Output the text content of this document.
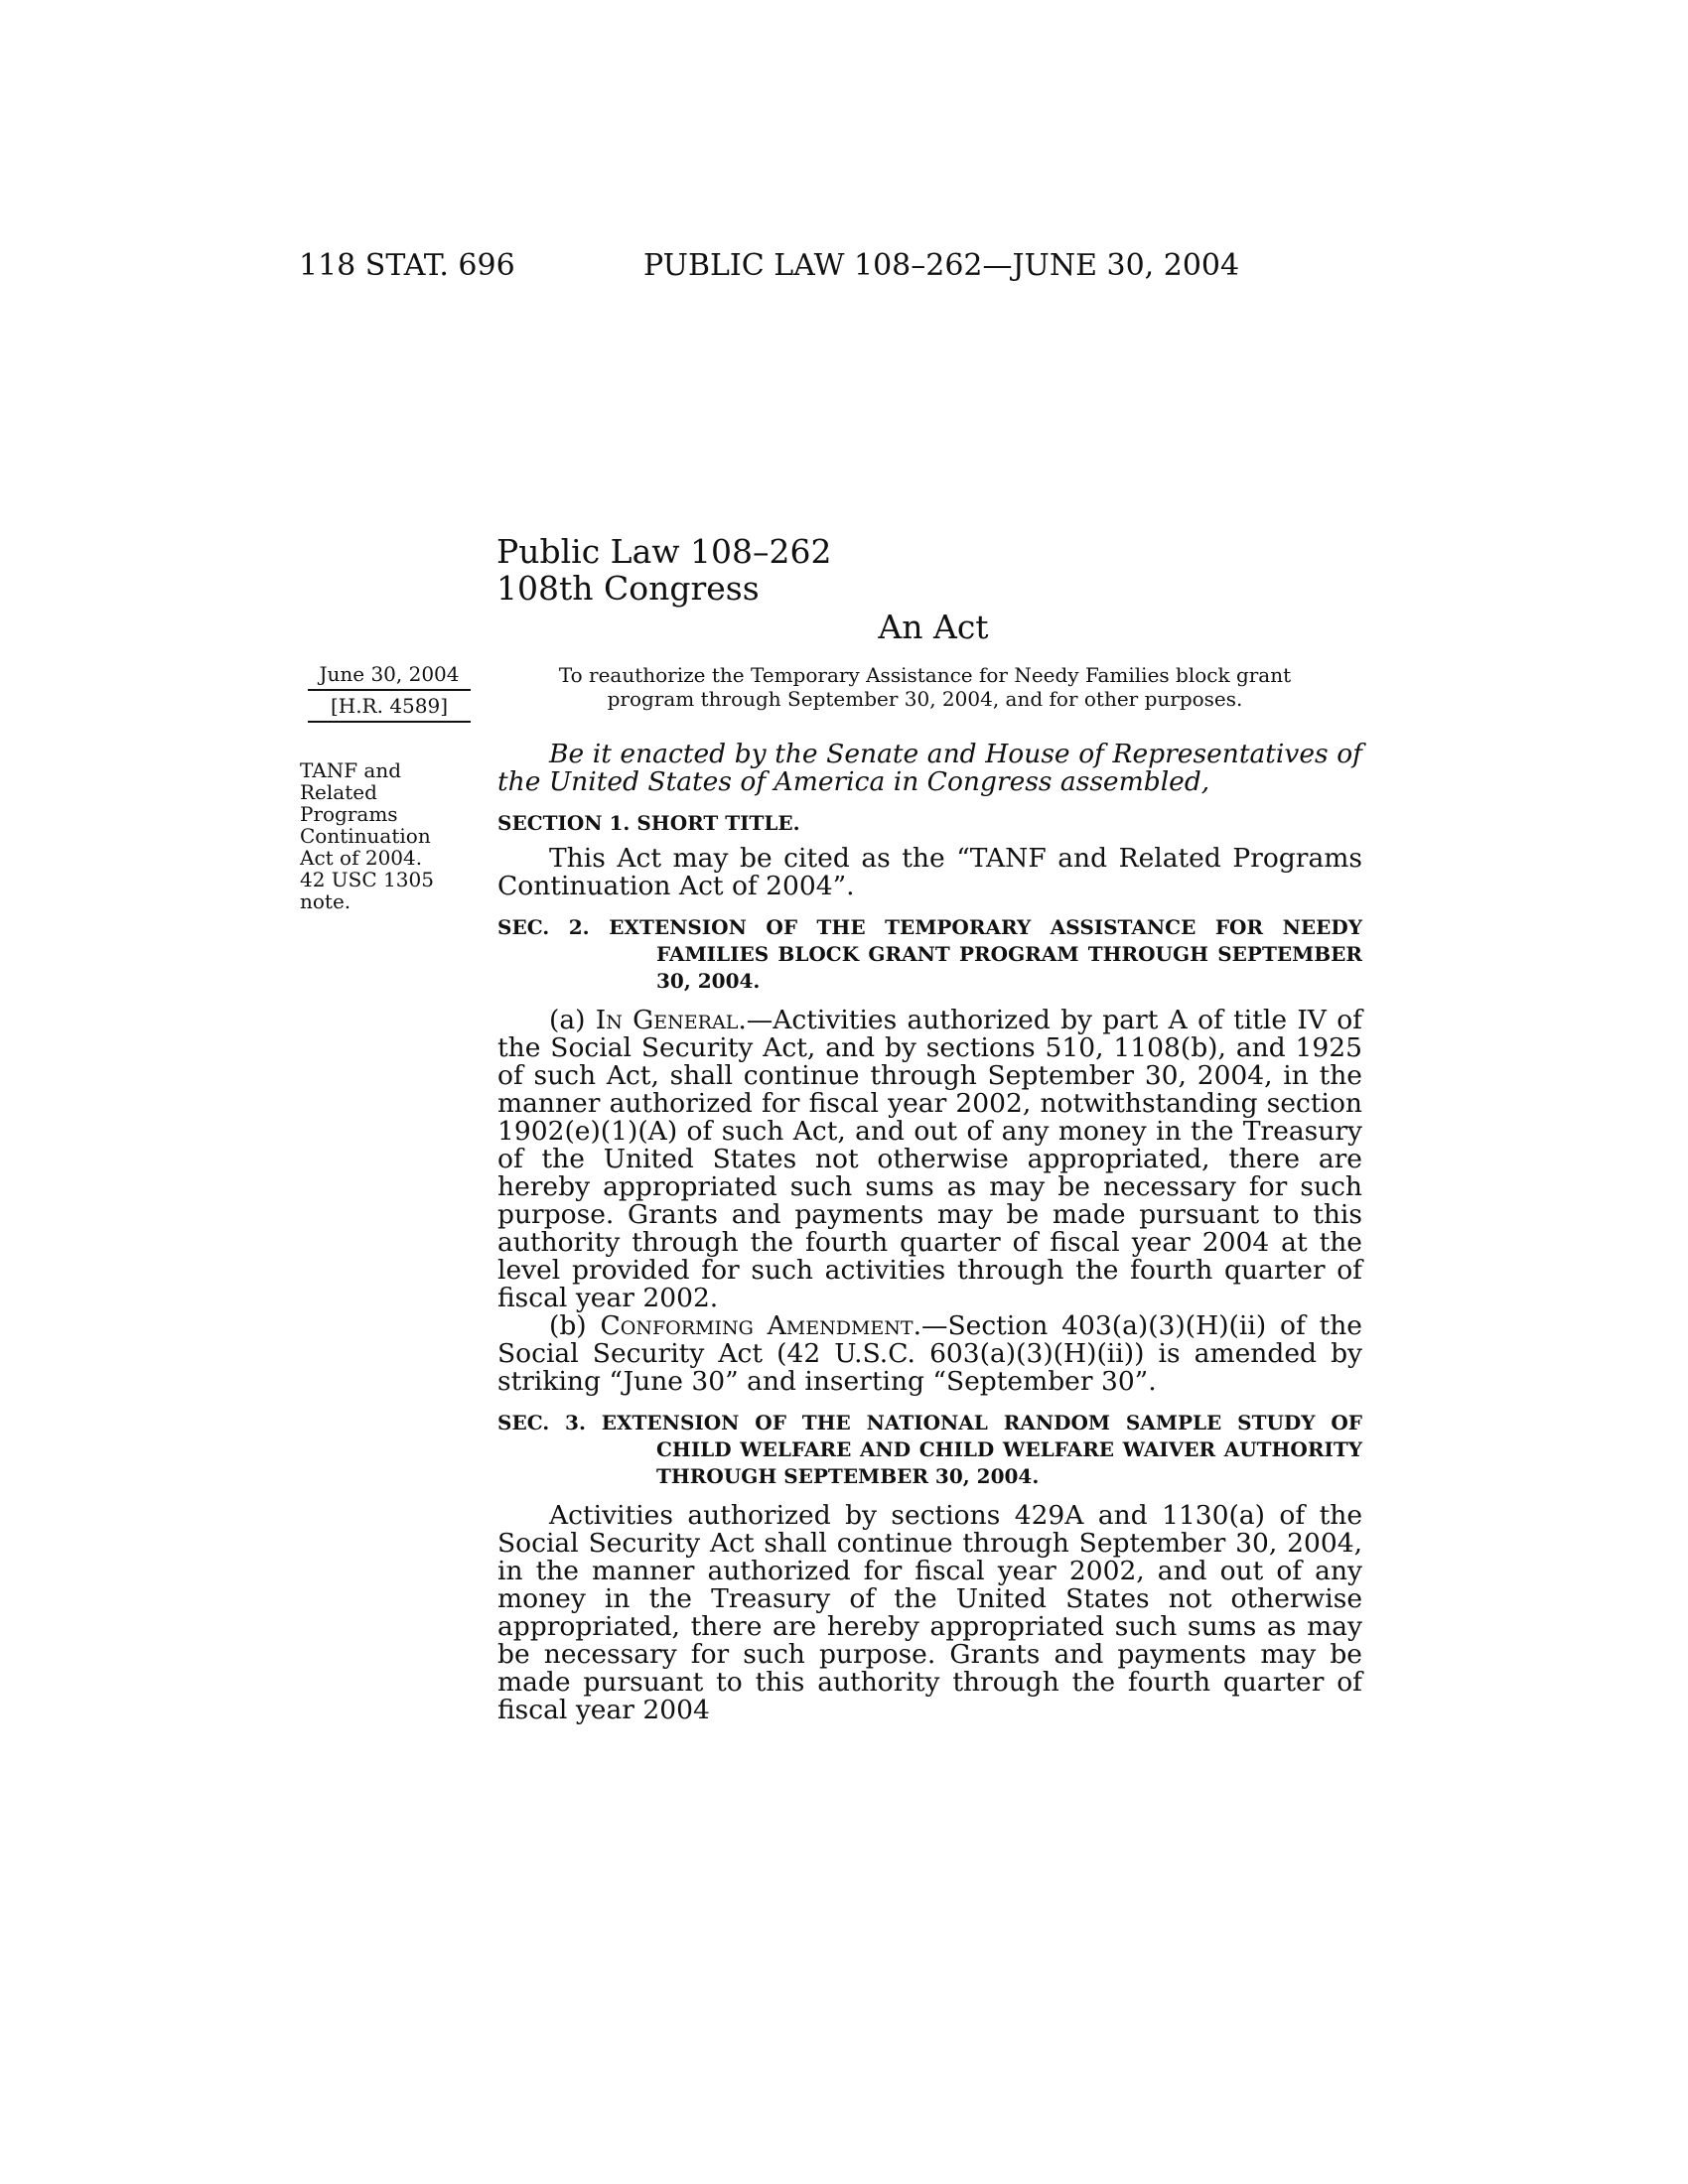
118 STAT. 696	PUBLIC LAW 108–262—JUNE 30, 2004
Public Law 108–262
108th Congress
An Act
June 30, 2004
[H.R. 4589]
TANF and
Related
Programs
Continuation
Act of 2004.
42 USC 1305
note.
To reauthorize the Temporary Assistance for Needy Families block grant program through September 30, 2004, and for other purposes.

Be it enacted by the Senate and House of Representatives of the United States of America in Congress assembled,

SECTION 1. SHORT TITLE.

This Act may be cited as the “TANF and Related Programs Continuation Act of 2004”.

SEC. 2. EXTENSION OF THE TEMPORARY ASSISTANCE FOR NEEDY FAMILIES BLOCK GRANT PROGRAM THROUGH SEPTEMBER 30, 2004.

(a) In General.—Activities authorized by part A of title IV of the Social Security Act, and by sections 510, 1108(b), and 1925 of such Act, shall continue through September 30, 2004, in the manner authorized for fiscal year 2002, notwithstanding section 1902(e)(1)(A) of such Act, and out of any money in the Treasury of the United States not otherwise appropriated, there are hereby appropriated such sums as may be necessary for such purpose. Grants and payments may be made pursuant to this authority through the fourth quarter of fiscal year 2004 at the level provided for such activities through the fourth quarter of fiscal year 2002.

(b) Conforming Amendment.—Section 403(a)(3)(H)(ii) of the Social Security Act (42 U.S.C. 603(a)(3)(H)(ii)) is amended by striking “June 30” and inserting “September 30”.

SEC. 3. EXTENSION OF THE NATIONAL RANDOM SAMPLE STUDY OF CHILD WELFARE AND CHILD WELFARE WAIVER AUTHORITY THROUGH SEPTEMBER 30, 2004.

Activities authorized by sections 429A and 1130(a) of the Social Security Act shall continue through September 30, 2004, in the manner authorized for fiscal year 2002, and out of any money in the Treasury of the United States not otherwise appropriated, there are hereby appropriated such sums as may be necessary for such purpose. Grants and payments may be made pursuant to this authority through the fourth quarter of fiscal year 2004
